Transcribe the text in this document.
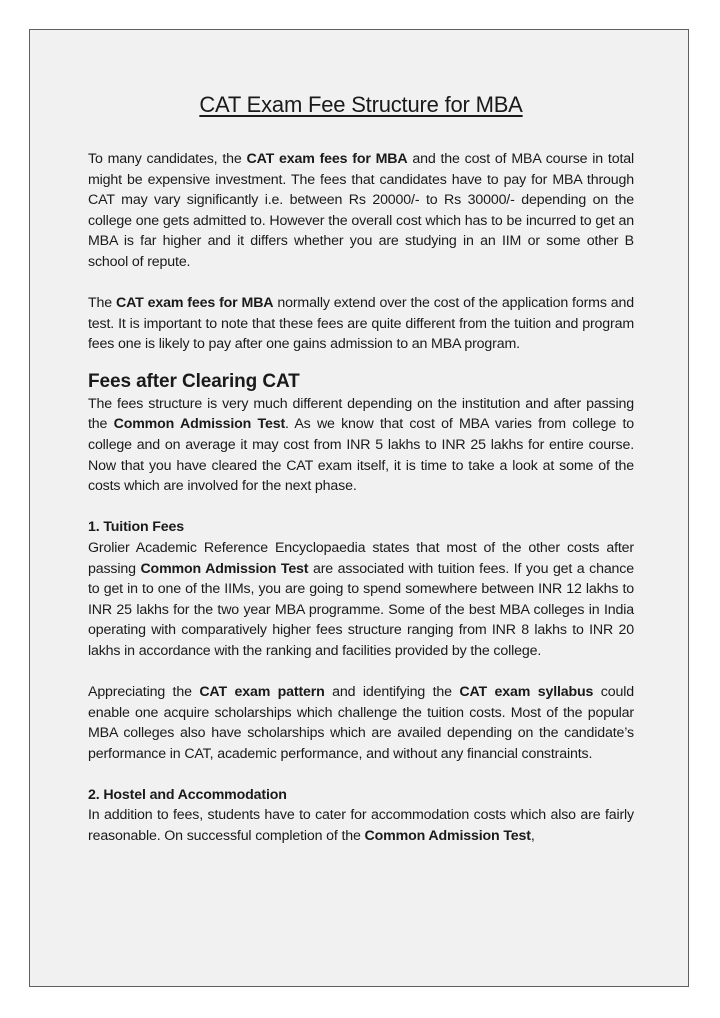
CAT Exam Fee Structure for MBA

To many candidates, the CAT exam fees for MBA and the cost of MBA course in total might be expensive investment. The fees that candidates have to pay for MBA through CAT may vary significantly i.e. between Rs 20000/- to Rs 30000/- depending on the college one gets admitted to. However the overall cost which has to be incurred to get an MBA is far higher and it differs whether you are studying in an IIM or some other B school of repute.

The CAT exam fees for MBA normally extend over the cost of the application forms and test. It is important to note that these fees are quite different from the tuition and program fees one is likely to pay after one gains admission to an MBA program.

Fees after Clearing CAT

The fees structure is very much different depending on the institution and after passing the Common Admission Test. As we know that cost of MBA varies from college to college and on average it may cost from INR 5 lakhs to INR 25 lakhs for entire course. Now that you have cleared the CAT exam itself, it is time to take a look at some of the costs which are involved for the next phase.

1. Tuition Fees

Grolier Academic Reference Encyclopaedia states that most of the other costs after passing Common Admission Test are associated with tuition fees. If you get a chance to get in to one of the IIMs, you are going to spend somewhere between INR 12 lakhs to INR 25 lakhs for the two year MBA programme. Some of the best MBA colleges in India operating with comparatively higher fees structure ranging from INR 8 lakhs to INR 20 lakhs in accordance with the ranking and facilities provided by the college.

Appreciating the CAT exam pattern and identifying the CAT exam syllabus could enable one acquire scholarships which challenge the tuition costs. Most of the popular MBA colleges also have scholarships which are availed depending on the candidate’s performance in CAT, academic performance, and without any financial constraints.

2. Hostel and Accommodation

In addition to fees, students have to cater for accommodation costs which also are fairly reasonable. On successful completion of the Common Admission Test,
